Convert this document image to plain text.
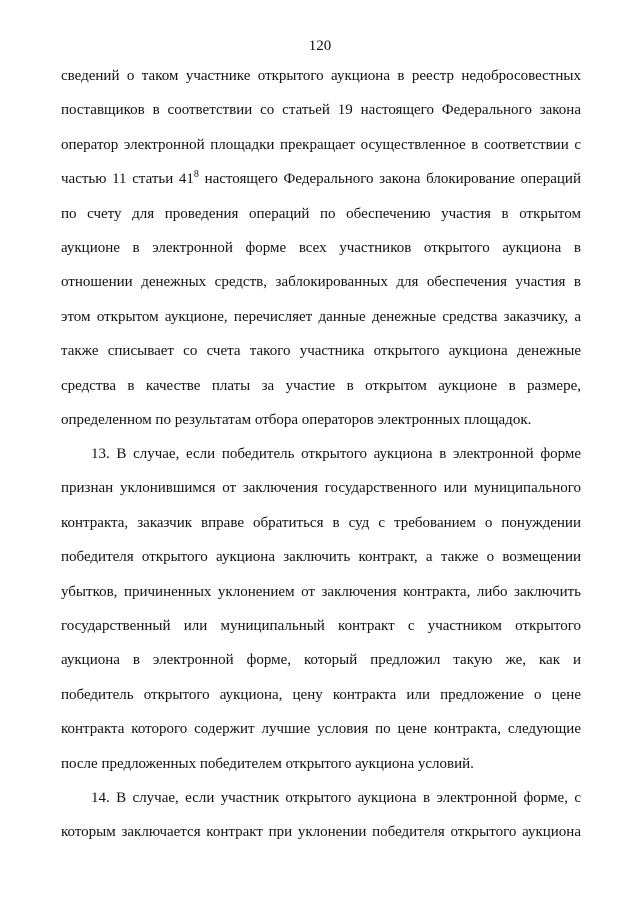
120
сведений о таком участнике открытого аукциона в реестр недобросовестных
поставщиков в соответствии со статьей 19 настоящего Федерального закона
оператор электронной площадки прекращает осуществленное в соответствии с
частью 11 статьи $41^8$ настоящего Федерального закона блокирование операций
по счету для проведения операций по обеспечению участия в открытом
аукционе в электронной форме всех участников открытого аукциона в
отношении денежных средств, заблокированных для обеспечения участия в
этом открытом аукционе, перечисляет данные денежные средства заказчику, а
также списывает со счета такого участника открытого аукциона денежные
средства в качестве платы за участие в открытом аукционе в размере,
определенном по результатам отбора операторов электронных площадок.
13. В случае, если победитель открытого аукциона в электронной форме
признан уклонившимся от заключения государственного или муниципального
контракта, заказчик вправе обратиться в суд с требованием о понуждении
победителя открытого аукциона заключить контракт, а также о возмещении
убытков, причиненных уклонением от заключения контракта, либо заключить
государственный или муниципальный контракт с участником открытого
аукциона в электронной форме, который предложил такую же, как и
победитель открытого аукциона, цену контракта или предложение о цене
контракта которого содержит лучшие условия по цене контракта, следующие
после предложенных победителем открытого аукциона условий.
14. В случае, если участник открытого аукциона в электронной форме, с
которым заключается контракт при уклонении победителя открытого аукциона
